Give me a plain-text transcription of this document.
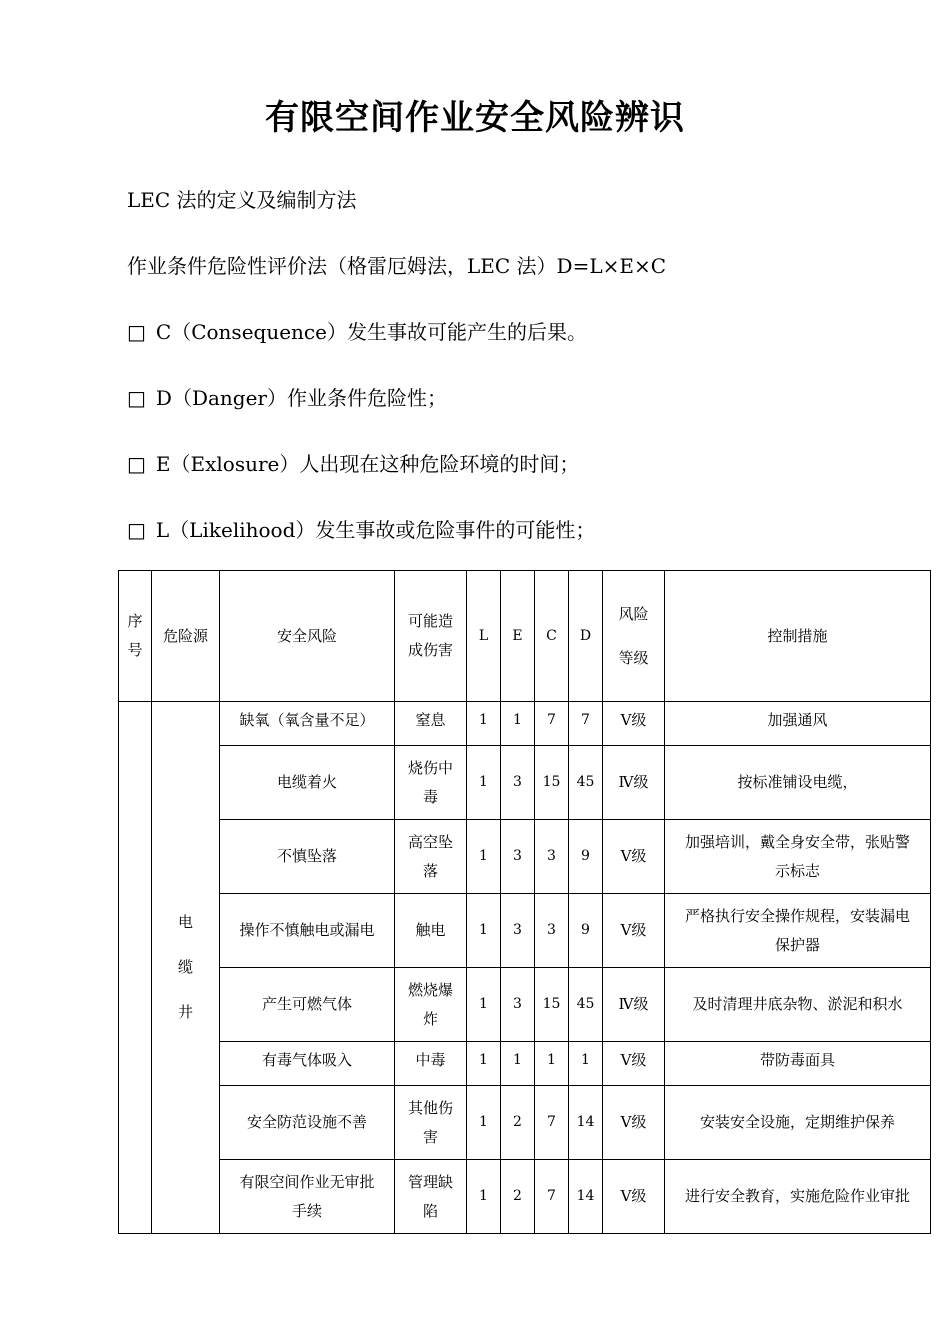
有限空间作业安全风险辨识
LEC 法的定义及编制方法
作业条件危险性评价法（格雷厄姆法，LEC 法）D=L×E×C
□ C（Consequence）发生事故可能产生的后果。
□ D（Danger）作业条件危险性；
□ E（Exlosure）人出现在这种危险环境的时间；
□ L（Likelihood）发生事故或危险事件的可能性；
序
号	危险源	安全风险	可能造
成伤害	L	E	C	D	风险
等级	控制措施

	电
缆
井	缺氧（氧含量不足）	窒息	1	1	7	7	Ⅴ级	加强通风
		电缆着火	烧伤中
毒	1	3	15	45	Ⅳ级	按标准铺设电缆，
		不慎坠落	高空坠
落	1	3	3	9	Ⅴ级	加强培训，戴全身安全带，张贴警
示标志
		操作不慎触电或漏电	触电	1	3	3	9	Ⅴ级	严格执行安全操作规程，安装漏电
保护器
		产生可燃气体	燃烧爆
炸	1	3	15	45	Ⅳ级	及时清理井底杂物、淤泥和积水
		有毒气体吸入	中毒	1	1	1	1	Ⅴ级	带防毒面具
		安全防范设施不善	其他伤
害	1	2	7	14	Ⅴ级	安装安全设施，定期维护保养
		有限空间作业无审批
手续	管理缺
陷	1	2	7	14	Ⅴ级	进行安全教育，实施危险作业审批
